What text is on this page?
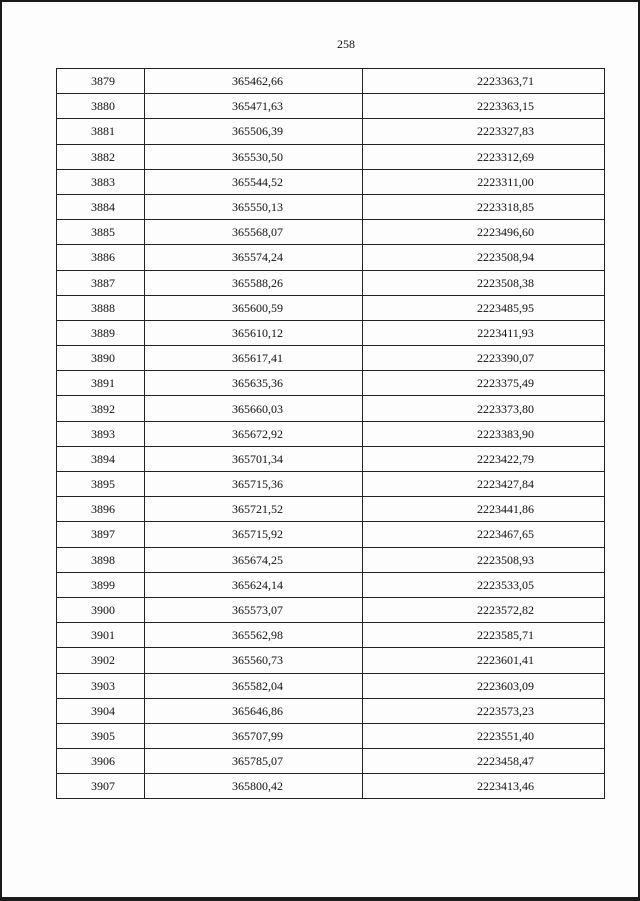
258
3879	365462,66	2223363,71
3880	365471,63	2223363,15
3881	365506,39	2223327,83
3882	365530,50	2223312,69
3883	365544,52	2223311,00
3884	365550,13	2223318,85
3885	365568,07	2223496,60
3886	365574,24	2223508,94
3887	365588,26	2223508,38
3888	365600,59	2223485,95
3889	365610,12	2223411,93
3890	365617,41	2223390,07
3891	365635,36	2223375,49
3892	365660,03	2223373,80
3893	365672,92	2223383,90
3894	365701,34	2223422,79
3895	365715,36	2223427,84
3896	365721,52	2223441,86
3897	365715,92	2223467,65
3898	365674,25	2223508,93
3899	365624,14	2223533,05
3900	365573,07	2223572,82
3901	365562,98	2223585,71
3902	365560,73	2223601,41
3903	365582,04	2223603,09
3904	365646,86	2223573,23
3905	365707,99	2223551,40
3906	365785,07	2223458,47
3907	365800,42	2223413,46
